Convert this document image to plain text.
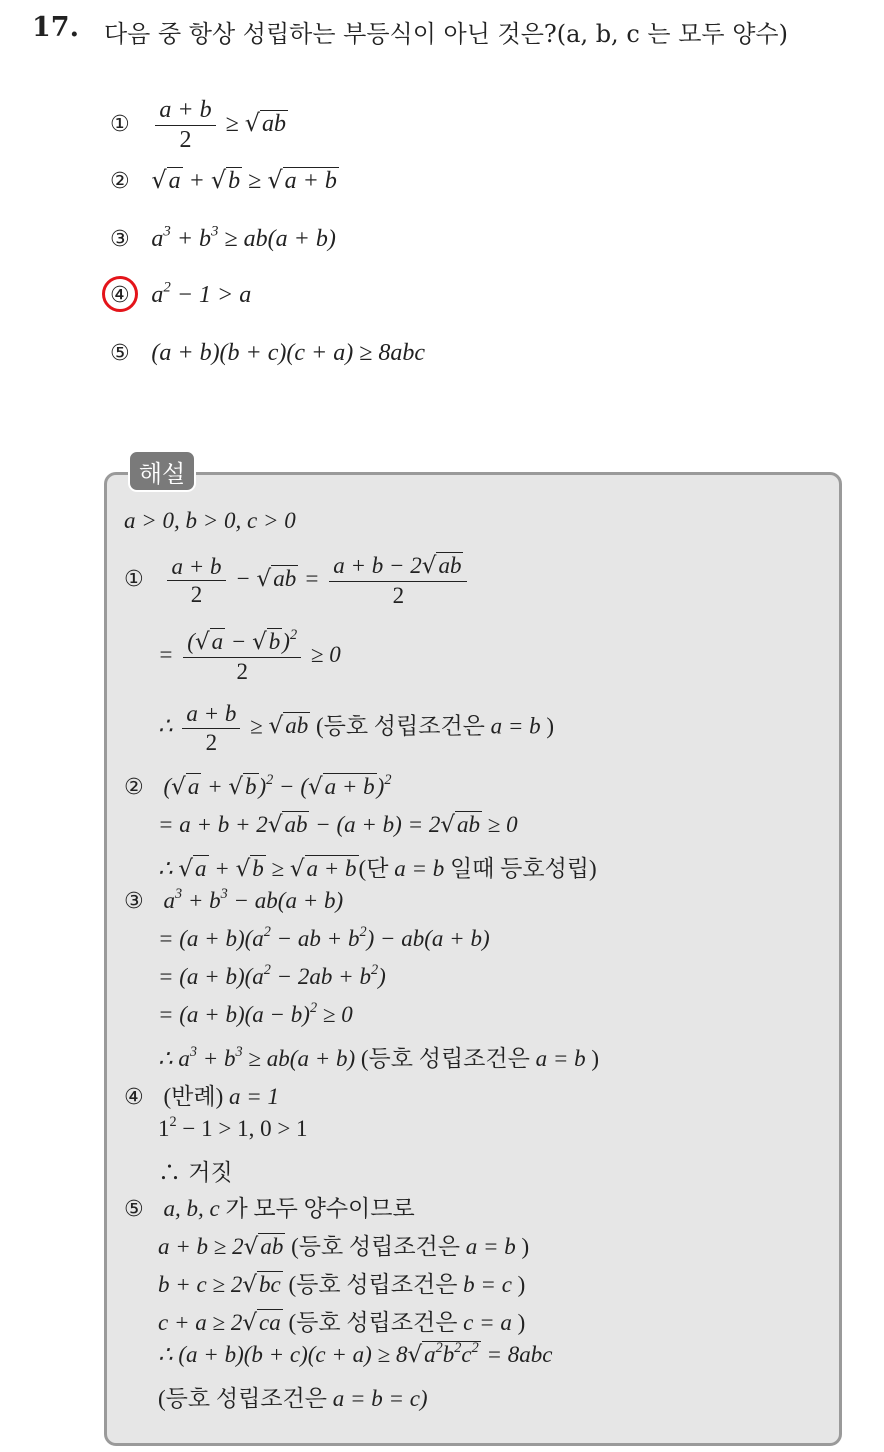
17. 다음 중 항상 성립하는 부등식이 아닌 것은?(a, b, c 는 모두 양수)
① $\frac{a + b}{2} \ge √ab$
② √a + √b ≥ √a + b
③ $a^3 + b^3 \ge ab(a + b)$
④ $a^2 - 1 > a$
⑤ (a + b)(b + c)(c + a) ≥ 8abc
해설
a > 0, b > 0, c > 0
① $\frac{a + b}{2} - √ab = \frac{a + b - 2√ab}{2}$
= $\frac{(√a - √b)^2}{2} \ge 0$
∴ $\frac{a + b}{2} \ge √ab$ (등호 성립조건은 a = b )
② $(√a + √b)^2 - (√a + b)^2$
= a + b + 2√ab − (a + b) = 2√ab ≥ 0
∴ √a + √b ≥ √a + b(단 a = b 일때 등호성립)
③ $a^3 + b^3 - ab(a + b)$
= $(a + b)(a^2$ − ab + $b^2) - ab(a + b)$
= $(a + b)(a^2 - 2ab + b^2)$
= $(a + b)(a - b)^2 \ge 0$
∴ $a^3 + b^3 \ge ab(a + b)$ (등호 성립조건은 a = b )
④ (반례) a = 1
$1^2 - 1 > 1$, 0 > 1
∴ 거짓
⑤ a, b, c 가 모두 양수이므로
a + b ≥ 2√ab (등호 성립조건은 a = b )
b + c ≥ 2√bc (등호 성립조건은 b = c )
c + a ≥ 2√ca (등호 성립조건은 c = a )
∴ $(a + b)(b + c)(c + a) \ge 8√a^2b^2c^2 = 8abc$
(등호 성립조건은 a = b = c)
